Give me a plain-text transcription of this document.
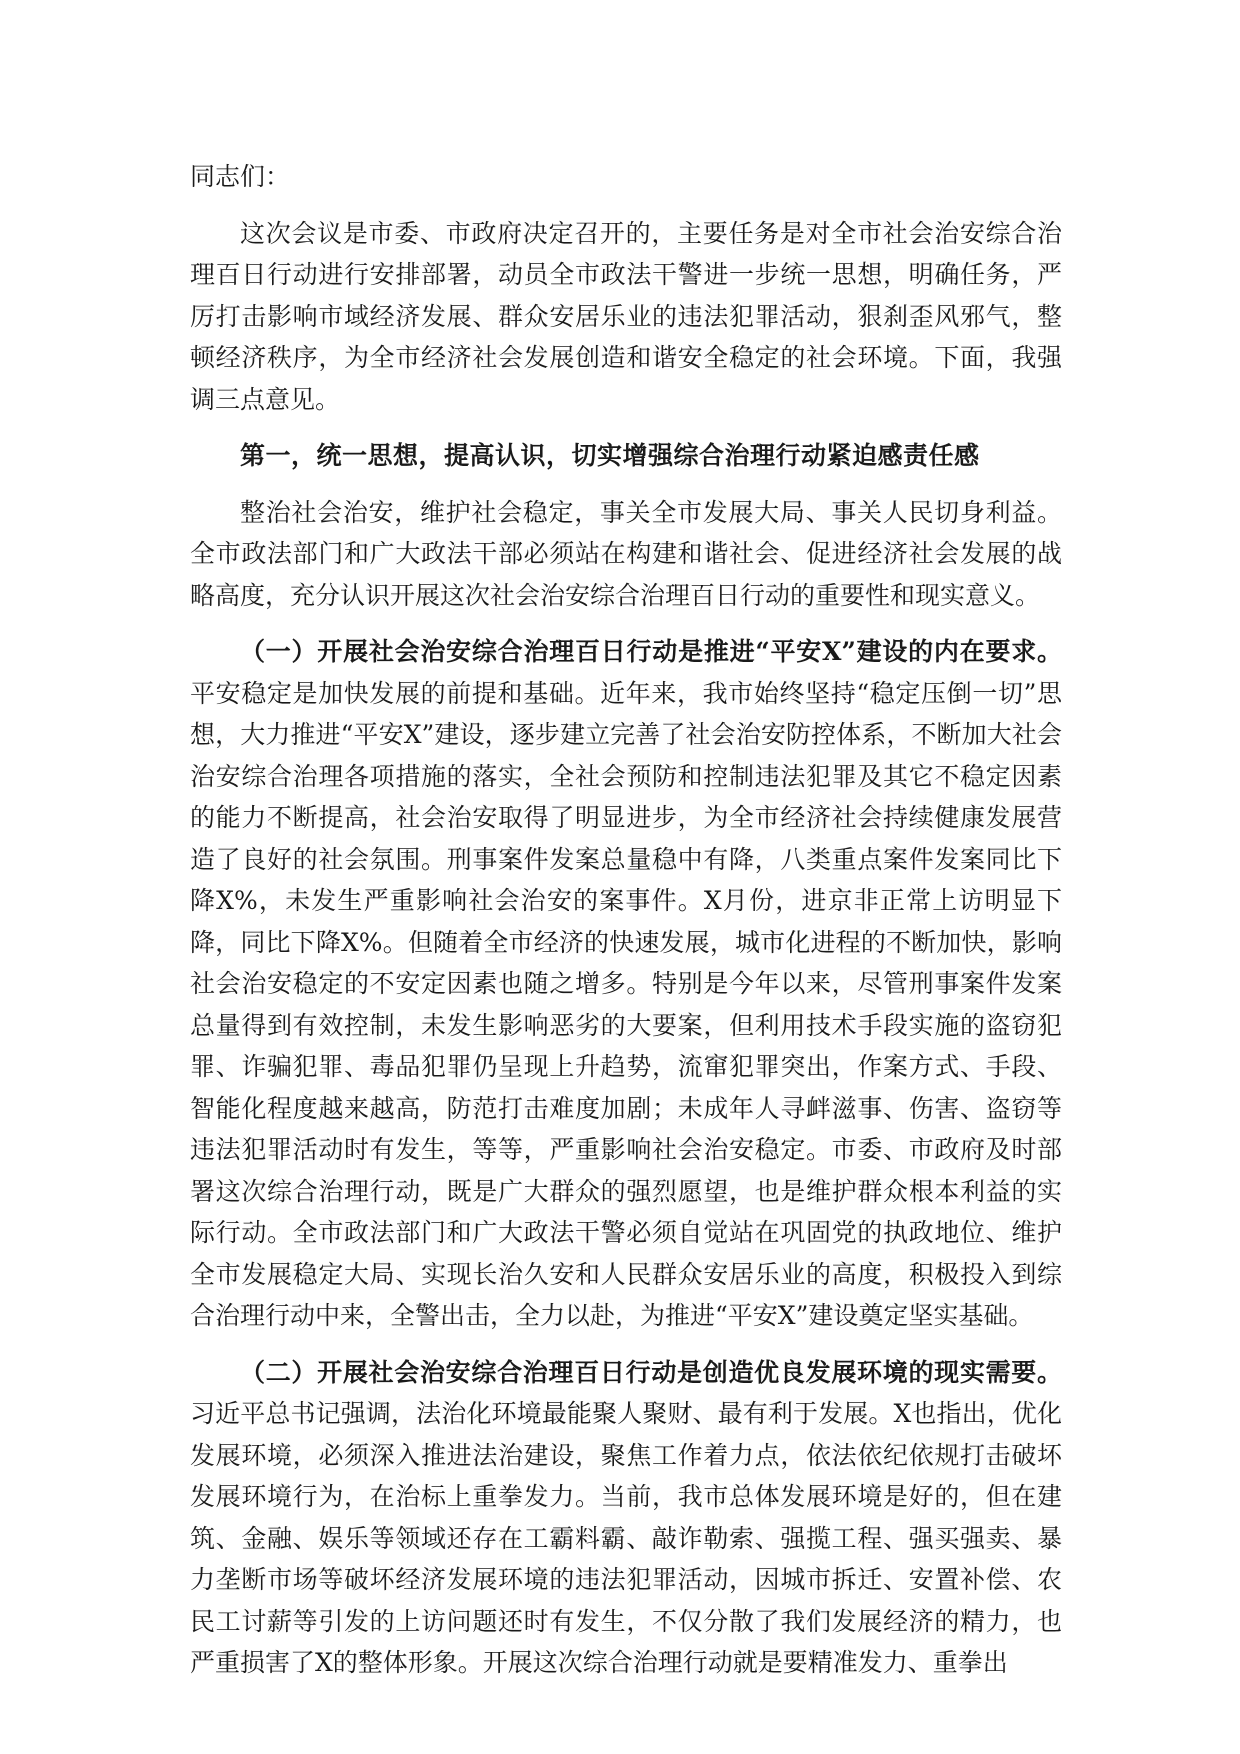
同志们：

这次会议是市委、市政府决定召开的，主要任务是对全市社会治安综合治理百日行动进行安排部署，动员全市政法干警进一步统一思想，明确任务，严厉打击影响市域经济发展、群众安居乐业的违法犯罪活动，狠刹歪风邪气，整顿经济秩序，为全市经济社会发展创造和谐安全稳定的社会环境。下面，我强调三点意见。

第一，统一思想，提高认识，切实增强综合治理行动紧迫感责任感

整治社会治安，维护社会稳定，事关全市发展大局、事关人民切身利益。全市政法部门和广大政法干部必须站在构建和谐社会、促进经济社会发展的战略高度，充分认识开展这次社会治安综合治理百日行动的重要性和现实意义。

（一）开展社会治安综合治理百日行动是推进“平安X”建设的内在要求。平安稳定是加快发展的前提和基础。近年来，我市始终坚持“稳定压倒一切”思想，大力推进“平安X”建设，逐步建立完善了社会治安防控体系，不断加大社会治安综合治理各项措施的落实，全社会预防和控制违法犯罪及其它不稳定因素的能力不断提高，社会治安取得了明显进步，为全市经济社会持续健康发展营造了良好的社会氛围。刑事案件发案总量稳中有降，八类重点案件发案同比下降X%，未发生严重影响社会治安的案事件。X月份，进京非正常上访明显下降，同比下降X%。但随着全市经济的快速发展，城市化进程的不断加快，影响社会治安稳定的不安定因素也随之增多。特别是今年以来，尽管刑事案件发案总量得到有效控制，未发生影响恶劣的大要案，但利用技术手段实施的盗窃犯罪、诈骗犯罪、毒品犯罪仍呈现上升趋势，流窜犯罪突出，作案方式、手段、智能化程度越来越高，防范打击难度加剧；未成年人寻衅滋事、伤害、盗窃等违法犯罪活动时有发生，等等，严重影响社会治安稳定。市委、市政府及时部署这次综合治理行动，既是广大群众的强烈愿望，也是维护群众根本利益的实际行动。全市政法部门和广大政法干警必须自觉站在巩固党的执政地位、维护全市发展稳定大局、实现长治久安和人民群众安居乐业的高度，积极投入到综合治理行动中来，全警出击，全力以赴，为推进“平安X”建设奠定坚实基础。

（二）开展社会治安综合治理百日行动是创造优良发展环境的现实需要。习近平总书记强调，法治化环境最能聚人聚财、最有利于发展。X也指出，优化发展环境，必须深入推进法治建设，聚焦工作着力点，依法依纪依规打击破坏发展环境行为，在治标上重拳发力。当前，我市总体发展环境是好的，但在建筑、金融、娱乐等领域还存在工霸料霸、敲诈勒索、强揽工程、强买强卖、暴力垄断市场等破坏经济发展环境的违法犯罪活动，因城市拆迁、安置补偿、农民工讨薪等引发的上访问题还时有发生，不仅分散了我们发展经济的精力，也严重损害了X的整体形象。开展这次综合治理行动就是要精准发力、重拳出
